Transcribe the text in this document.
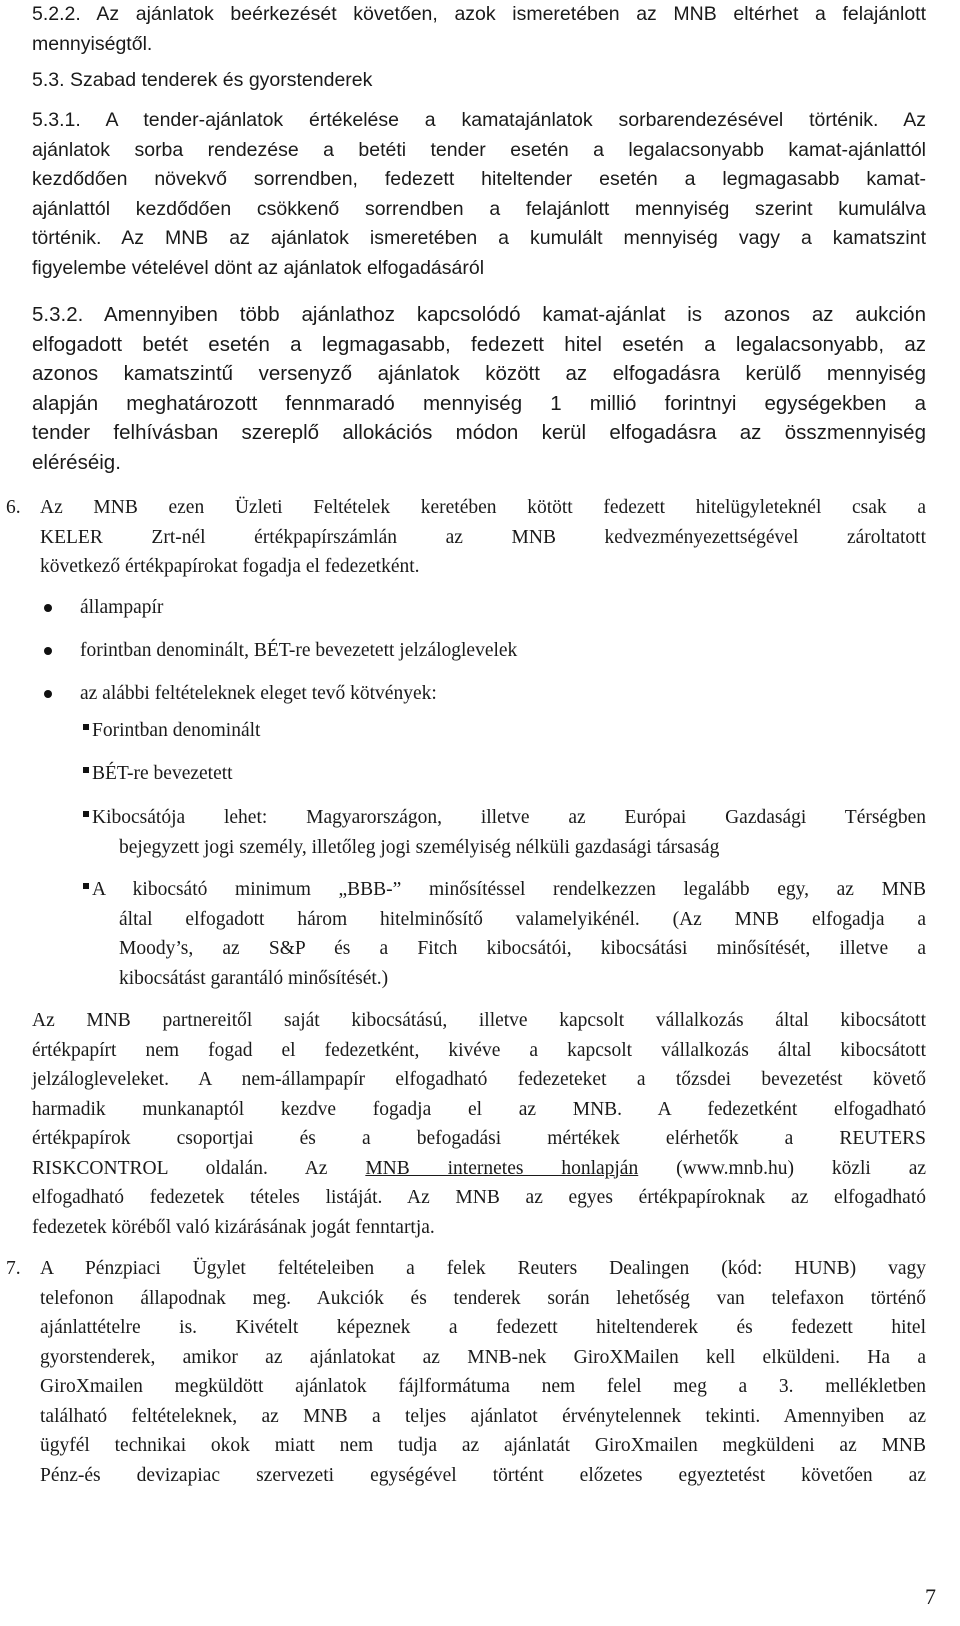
5.2.2. Az ajánlatok beérkezését követően, azok ismeretében az MNB eltérhet a felajánlott
mennyiségtől.
5.3. Szabad tenderek és gyorstenderek
5.3.1. A tender-ajánlatok értékelése a kamatajánlatok sorbarendezésével történik. Az
ajánlatok sorba rendezése a betéti tender esetén a legalacsonyabb kamat-ajánlattól
kezdődően növekvő sorrendben, fedezett hiteltender esetén a legmagasabb kamat-
ajánlattól kezdődően csökkenő sorrendben a felajánlott mennyiség szerint kumulálva
történik. Az MNB az ajánlatok ismeretében a kumulált mennyiség vagy a kamatszint
figyelembe vételével dönt az ajánlatok elfogadásáról
5.3.2. Amennyiben több ajánlathoz kapcsolódó kamat-ajánlat is azonos az aukción
elfogadott betét esetén a legmagasabb, fedezett hitel esetén a legalacsonyabb, az
azonos kamatszintű versenyző ajánlatok között az elfogadásra kerülő mennyiség
alapján meghatározott fennmaradó mennyiség 1 millió forintnyi egységekben a
tender felhívásban szereplő allokációs módon kerül elfogadásra az összmennyiség
eléréséig.
6. Az MNB ezen Üzleti Feltételek keretében kötött fedezett hitelügyleteknél csak a
KELER Zrt-nél értékpapírszámlán az MNB kedvezményezettségével zároltatott
következő értékpapírokat fogadja el fedezetként.
állampapír
forintban denominált, BÉT-re bevezetett jelzáloglevelek
az alábbi feltételeknek eleget tevő kötvények:
Forintban denominált
BÉT-re bevezetett
Kibocsátója lehet: Magyarországon, illetve az Európai Gazdasági Térségben
bejegyzett jogi személy, illetőleg jogi személyiség nélküli gazdasági társaság
A kibocsátó minimum „BBB-” minősítéssel rendelkezzen legalább egy, az MNB
által elfogadott három hitelminősítő valamelyikénél. (Az MNB elfogadja a
Moody’s, az S&P és a Fitch kibocsátói, kibocsátási minősítését, illetve a
kibocsátást garantáló minősítését.)
Az MNB partnereitől saját kibocsátású, illetve kapcsolt vállalkozás által kibocsátott
értékpapírt nem fogad el fedezetként, kivéve a kapcsolt vállalkozás által kibocsátott
jelzálogleveleket. A nem-állampapír elfogadható fedezeteket a tőzsdei bevezetést követő
harmadik munkanaptól kezdve fogadja el az MNB. A fedezetként elfogadható
értékpapírok csoportjai és a befogadási mértékek elérhetők a REUTERS
RISKCONTROL oldalán. Az MNB internetes honlapján (www.mnb.hu) közli az
elfogadható fedezetek tételes listáját. Az MNB az egyes értékpapíroknak az elfogadható
fedezetek köréből való kizárásának jogát fenntartja.
7. A Pénzpiaci Ügylet feltételeiben a felek Reuters Dealingen (kód: HUNB) vagy
telefonon állapodnak meg. Aukciók és tenderek során lehetőség van telefaxon történő
ajánlattételre is. Kivételt képeznek a fedezett hiteltenderek és fedezett hitel
gyorstenderek, amikor az ajánlatokat az MNB-nek GiroXMailen kell elküldeni. Ha a
GiroXmailen megküldött ajánlatok fájlformátuma nem felel meg a 3. mellékletben
található feltételeknek, az MNB a teljes ajánlatot érvénytelennek tekinti. Amennyiben az
ügyfél technikai okok miatt nem tudja az ajánlatát GiroXmailen megküldeni az MNB
Pénz-és devizapiac szervezeti egységével történt előzetes egyeztetést követően az
7
